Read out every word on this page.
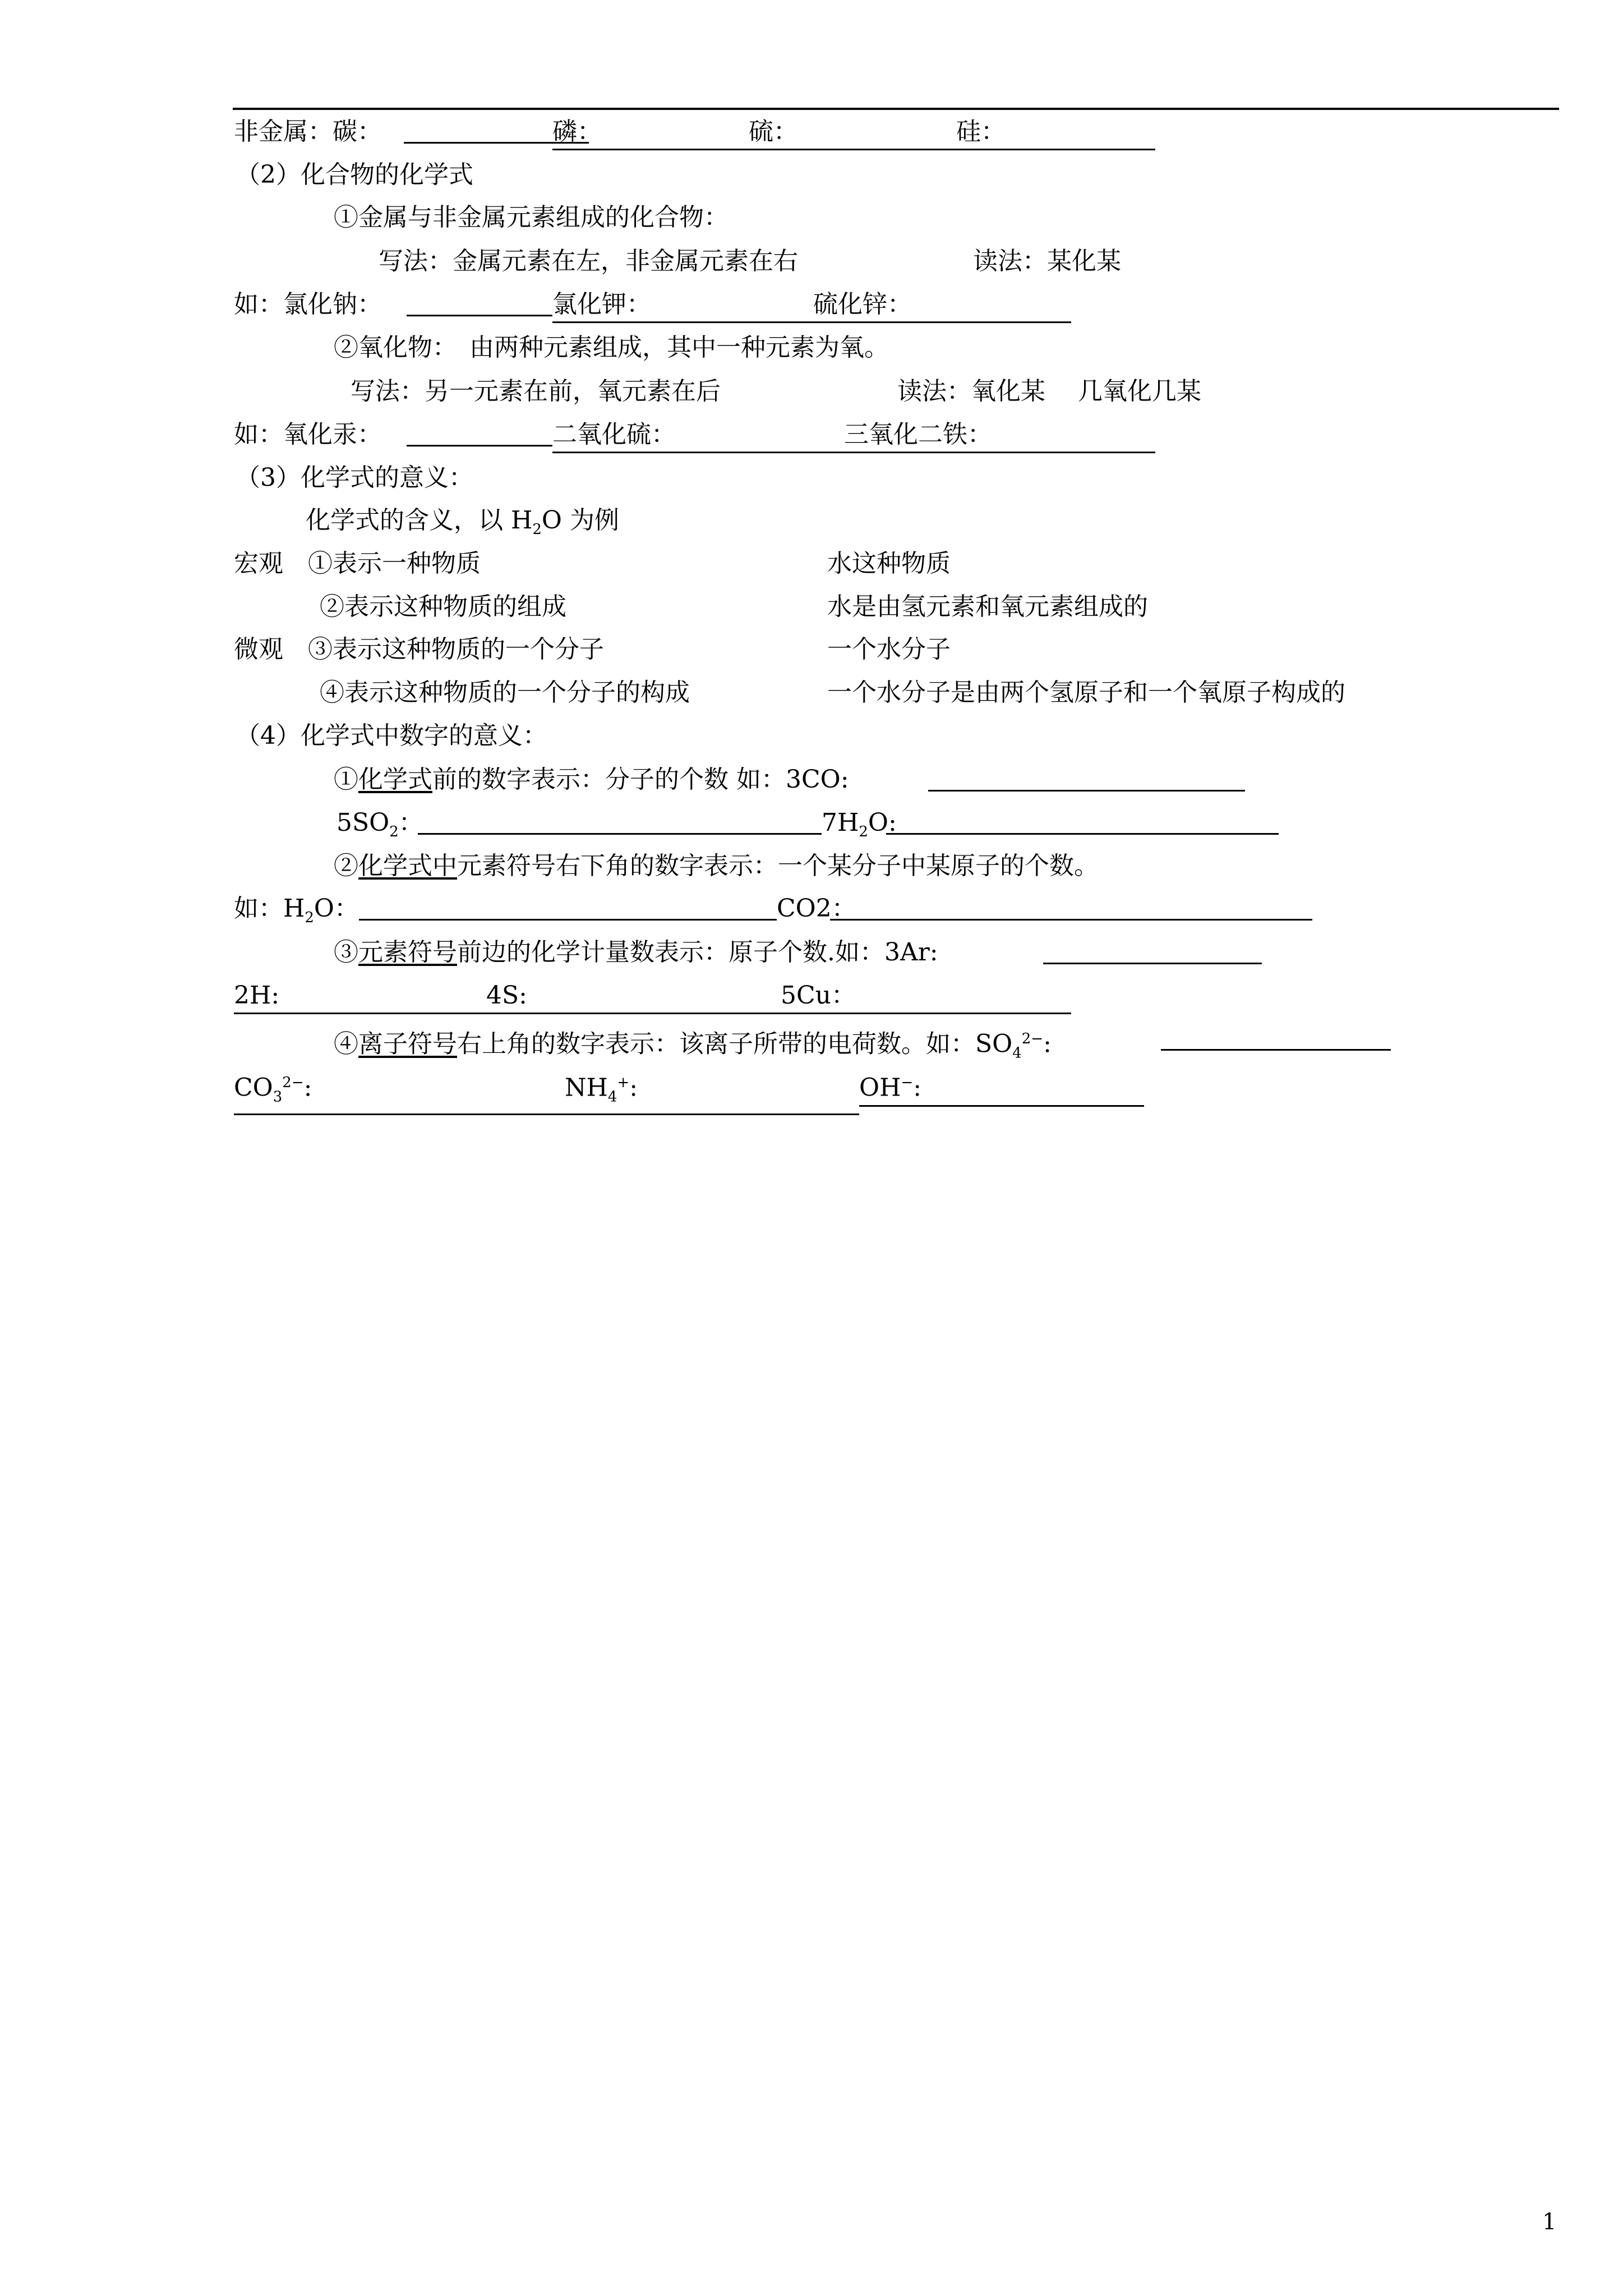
非金属：碳：	磷：	硫：	硅：
（2）化合物的化学式
①金属与非金属元素组成的化合物：
写法：金属元素在左，非金属元素在右	读法：某化某
如：氯化钠：	氯化钾：	硫化锌：
②氧化物：　由两种元素组成，其中一种元素为氧。
写法：另一元素在前，氧元素在后	读法：氧化某　 几氧化几某
如：氧化汞：	二氧化硫：	三氧化二铁：
（3）化学式的意义：
化学式的含义，以 $H_2O$ 为例
宏观　①表示一种物质	水这种物质
②表示这种物质的组成	水是由氢元素和氧元素组成的
微观　③表示这种物质的一个分子	一个水分子
④表示这种物质的一个分子的构成	一个水分子是由两个氢原子和一个氧原子构成的
（4）化学式中数字的意义：
①化学式前的数字表示：分子的个数 如：3CO:
$5SO_2$：	$7H_2O$:
②化学式中元素符号右下角的数字表示：一个某分子中某原子的个数。
如：$H_2O$：	CO2：
③元素符号前边的化学计量数表示：原子个数.如：3Ar:
2H:	4S:	5Cu：
④离子符号右上角的数字表示：该离子所带的电荷数。如：$SO_4^{2-}$:
$CO_3^{2-}$:	$NH_4^+$:	OH−:
1
